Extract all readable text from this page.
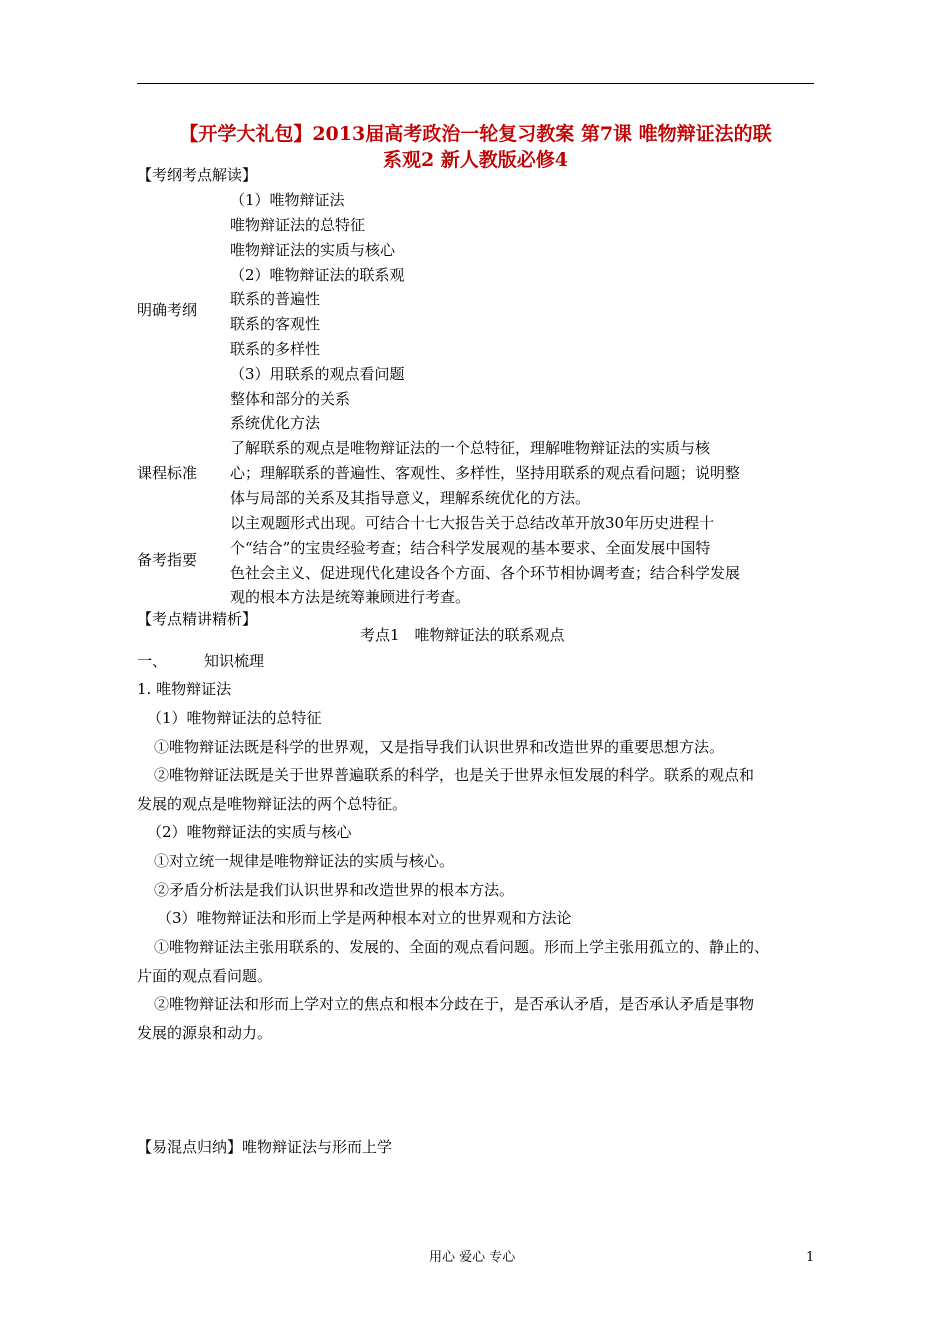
【开学大礼包】2013届高考政治一轮复习教案 第7课 唯物辩证法的联
系观2 新人教版必修4
【考纲考点解读】
明确考纲
（1）唯物辩证法
唯物辩证法的总特征
唯物辩证法的实质与核心
（2）唯物辩证法的联系观
联系的普遍性
联系的客观性
联系的多样性
（3）用联系的观点看问题
整体和部分的关系
系统优化方法
课程标准
了解联系的观点是唯物辩证法的一个总特征，理解唯物辩证法的实质与核
心；理解联系的普遍性、客观性、多样性，坚持用联系的观点看问题；说明整
体与局部的关系及其指导意义，理解系统优化的方法。
备考指要
以主观题形式出现。可结合十七大报告关于总结改革开放30年历史进程十
个“结合”的宝贵经验考查；结合科学发展观的基本要求、全面发展中国特
色社会主义、促进现代化建设各个方面、各个环节相协调考查；结合科学发展
观的根本方法是统筹兼顾进行考查。
【考点精讲精析】
考点1　唯物辩证法的联系观点
一、 知识梳理
1. 唯物辩证法
（1）唯物辩证法的总特征
①唯物辩证法既是科学的世界观，又是指导我们认识世界和改造世界的重要思想方法。
②唯物辩证法既是关于世界普遍联系的科学，也是关于世界永恒发展的科学。联系的观点和
发展的观点是唯物辩证法的两个总特征。
（2）唯物辩证法的实质与核心
①对立统一规律是唯物辩证法的实质与核心。
②矛盾分析法是我们认识世界和改造世界的根本方法。
（3）唯物辩证法和形而上学是两种根本对立的世界观和方法论
①唯物辩证法主张用联系的、发展的、全面的观点看问题。形而上学主张用孤立的、静止的、
片面的观点看问题。
②唯物辩证法和形而上学对立的焦点和根本分歧在于，是否承认矛盾，是否承认矛盾是事物
发展的源泉和动力。
【易混点归纳】唯物辩证法与形而上学
用心 爱心 专心	1
